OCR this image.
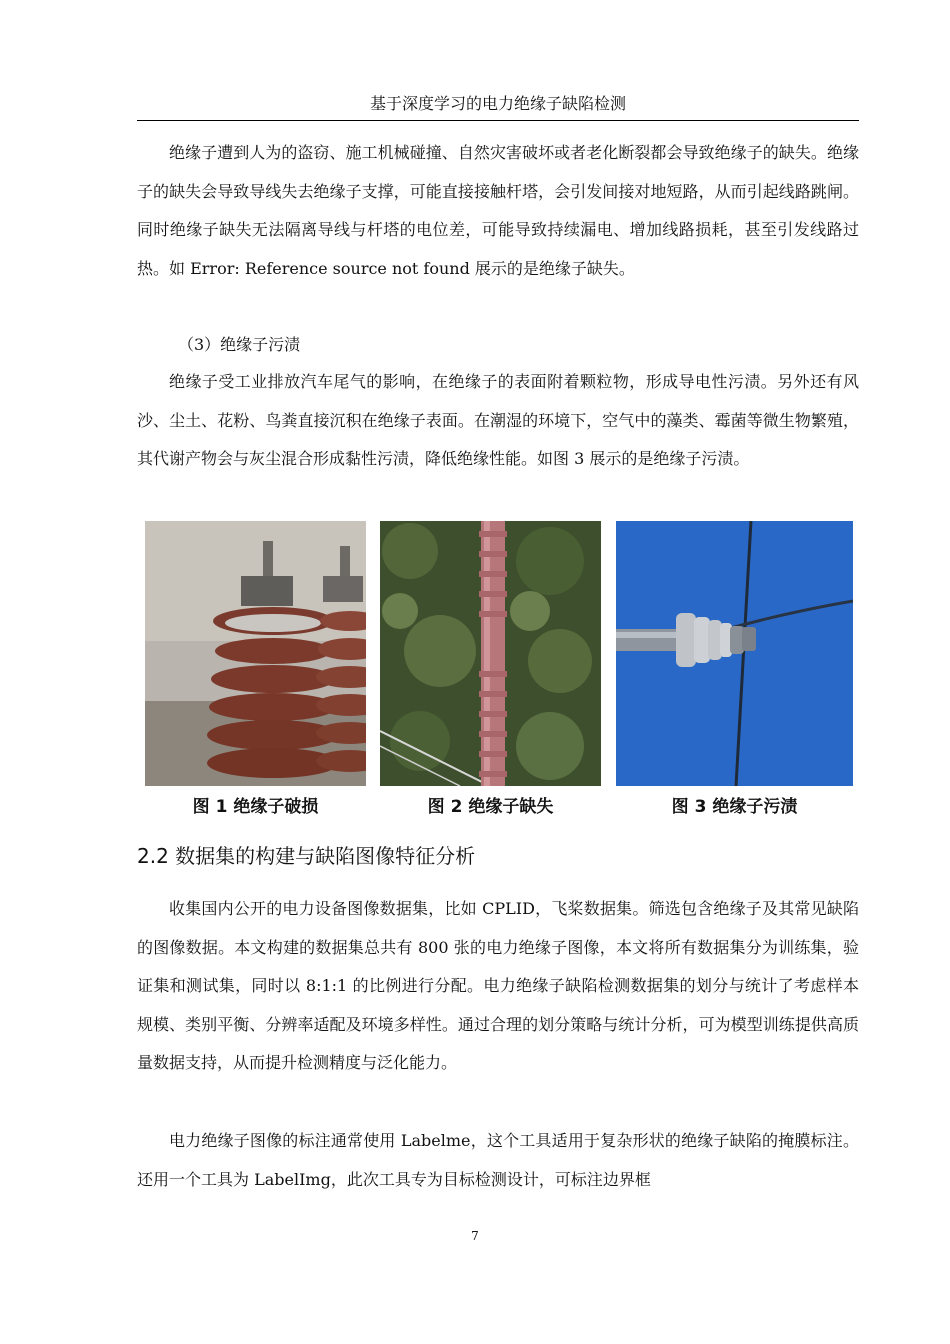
基于深度学习的电力绝缘子缺陷检测

绝缘子遭到人为的盗窃、施工机械碰撞、自然灾害破坏或者老化断裂都会导致绝缘子的缺失。绝缘子的缺失会导致导线失去绝缘子支撑，可能直接接触杆塔，会引发间接对地短路，从而引起线路跳闸。同时绝缘子缺失无法隔离导线与杆塔的电位差，可能导致持续漏电、增加线路损耗，甚至引发线路过热。如 Error: Reference source not found 展示的是绝缘子缺失。

（3）绝缘子污渍

绝缘子受工业排放汽车尾气的影响，在绝缘子的表面附着颗粒物，形成导电性污渍。另外还有风沙、尘土、花粉、鸟粪直接沉积在绝缘子表面。在潮湿的环境下，空气中的藻类、霉菌等微生物繁殖，其代谢产物会与灰尘混合形成黏性污渍，降低绝缘性能。如图 3 展示的是绝缘子污渍。

图 1 绝缘子破损	图 2 绝缘子缺失	图 3 绝缘子污渍
2.2 数据集的构建与缺陷图像特征分析

收集国内公开的电力设备图像数据集，比如 CPLID，飞桨数据集。筛选包含绝缘子及其常见缺陷的图像数据。本文构建的数据集总共有 800 张的电力绝缘子图像，本文将所有数据集分为训练集，验证集和测试集，同时以 8:1:1 的比例进行分配。电力绝缘子缺陷检测数据集的划分与统计了考虑样本规模、类别平衡、分辨率适配及环境多样性。通过合理的划分策略与统计分析，可为模型训练提供高质量数据支持，从而提升检测精度与泛化能力。

电力绝缘子图像的标注通常使用 Labelme，这个工具适用于复杂形状的绝缘子缺陷的掩膜标注。还用一个工具为 LabelImg，此次工具专为目标检测设计，可标注边界框

7
